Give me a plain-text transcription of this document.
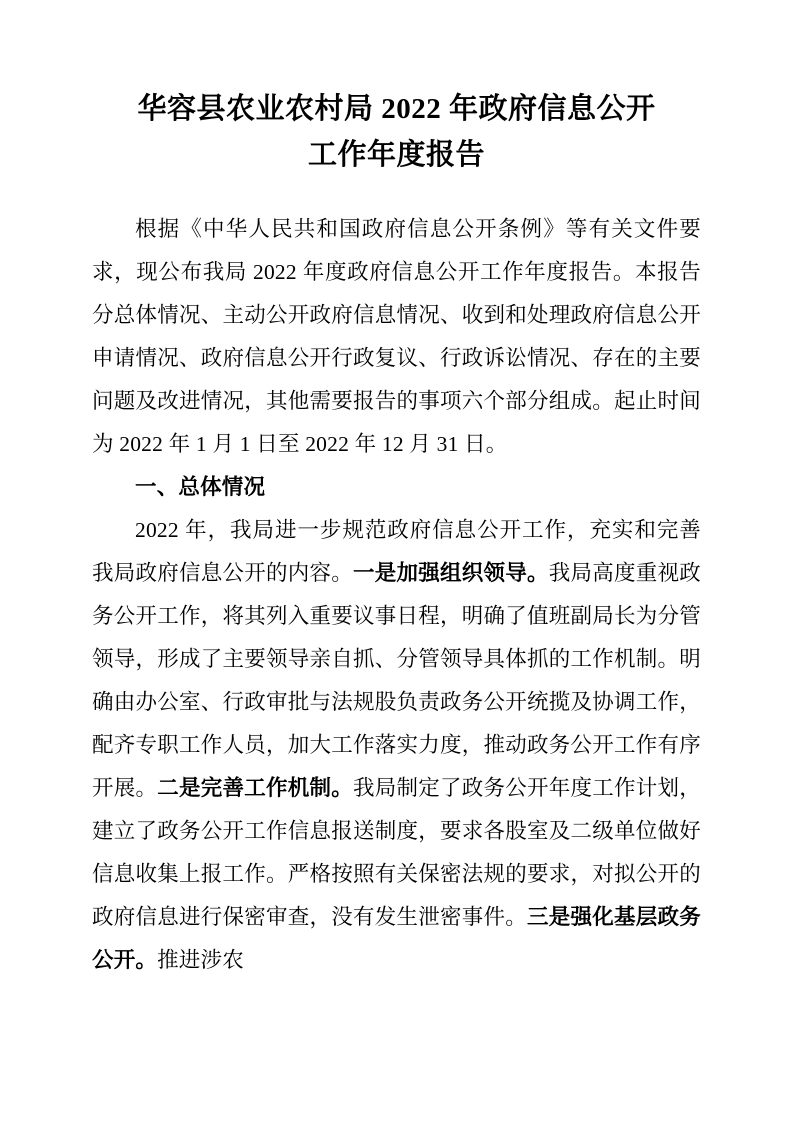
华容县农业农村局 2022 年政府信息公开
工作年度报告

根据《中华人民共和国政府信息公开条例》等有关文件要求，现公布我局 2022 年度政府信息公开工作年度报告。本报告分总体情况、主动公开政府信息情况、收到和处理政府信息公开申请情况、政府信息公开行政复议、行政诉讼情况、存在的主要问题及改进情况，其他需要报告的事项六个部分组成。起止时间为 2022 年 1 月 1 日至 2022 年 12 月 31 日。

一、总体情况

2022 年，我局进一步规范政府信息公开工作，充实和完善我局政府信息公开的内容。一是加强组织领导。我局高度重视政务公开工作，将其列入重要议事日程，明确了值班副局长为分管领导，形成了主要领导亲自抓、分管领导具体抓的工作机制。明确由办公室、行政审批与法规股负责政务公开统揽及协调工作，配齐专职工作人员，加大工作落实力度，推动政务公开工作有序开展。二是完善工作机制。我局制定了政务公开年度工作计划，建立了政务公开工作信息报送制度，要求各股室及二级单位做好信息收集上报工作。严格按照有关保密法规的要求，对拟公开的政府信息进行保密审查，没有发生泄密事件。三是强化基层政务公开。推进涉农
